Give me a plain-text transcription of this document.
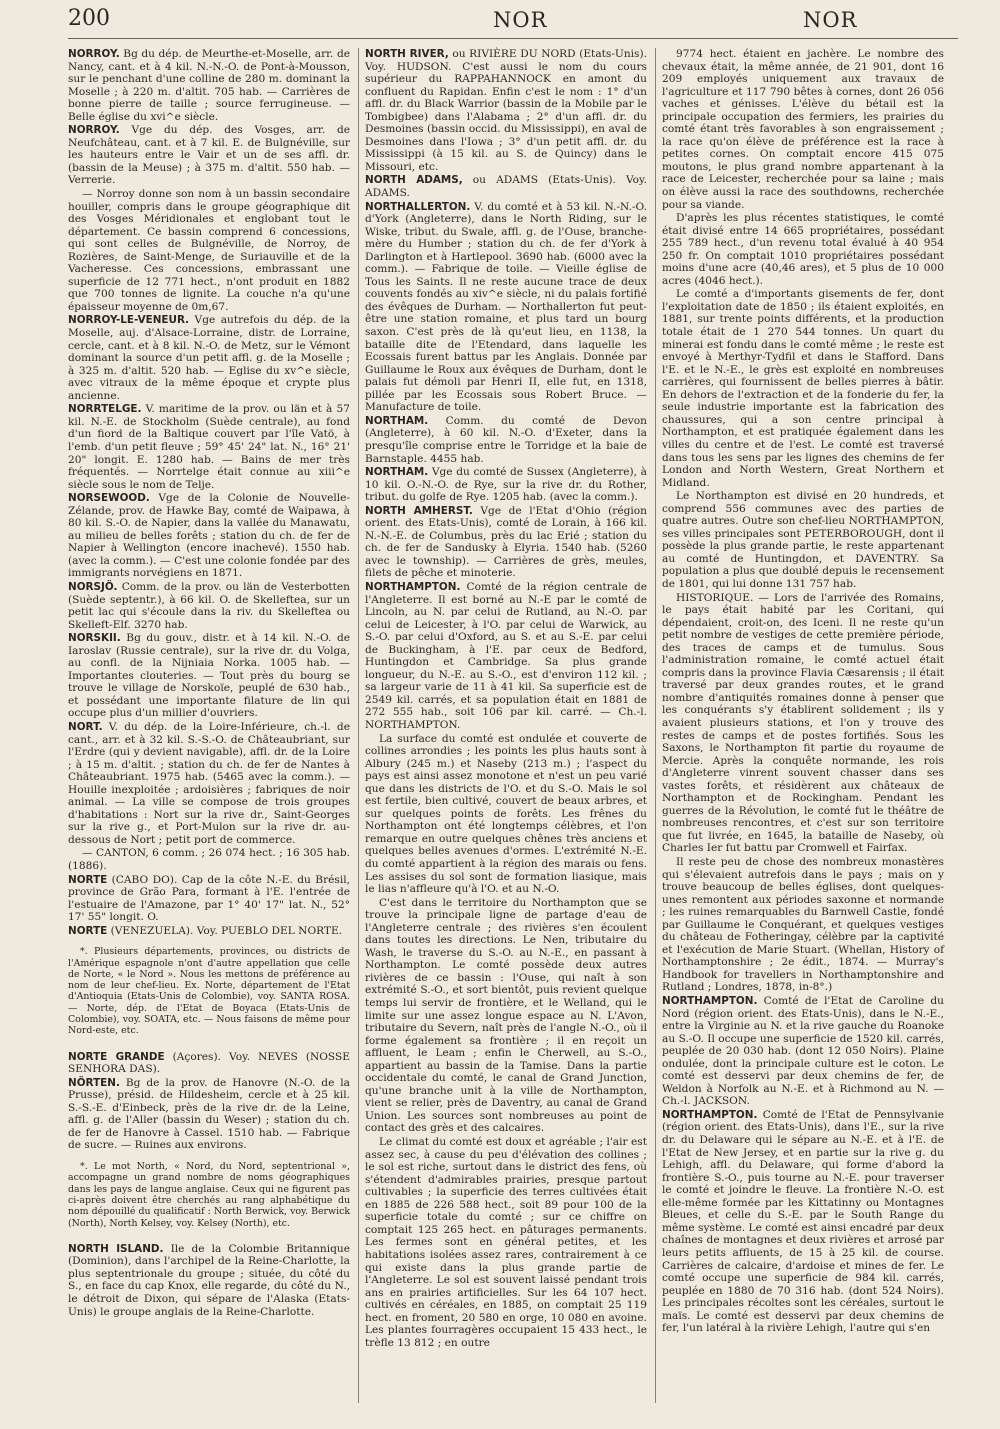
200	NOR	NOR

NORROY. Bg du dép. de Meurthe-et-Moselle, arr. de Nancy, cant. et à 4 kil. N.-N.-O. de Pont-à-Mousson, sur le penchant d'une colline de 280 m. dominant la Moselle ; à 220 m. d'altit. 705 hab. — Carrières de bonne pierre de taille ; source ferrugineuse. — Belle église du xvi^e siècle.

NORROY. Vge du dép. des Vosges, arr. de Neufchâteau, cant. et à 7 kil. E. de Bulgnéville, sur les hauteurs entre le Vair et un de ses affl. dr. (bassin de la Meuse) ; à 375 m. d'altit. 550 hab. — Verrerie.

— Norroy donne son nom à un bassin secondaire houiller, compris dans le groupe géographique dit des Vosges Méridionales et englobant tout le département. Ce bassin comprend 6 concessions, qui sont celles de Bulgnéville, de Norroy, de Rozières, de Saint-Menge, de Suriauville et de la Vacheresse. Ces concessions, embrassant une superficie de 12 771 hect., n'ont produit en 1882 que 700 tonnes de lignite. La couche n'a qu'une épaisseur moyenne de 0m,67.

NORROY-LE-VENEUR. Vge autrefois du dép. de la Moselle, auj. d'Alsace-Lorraine, distr. de Lorraine, cercle, cant. et à 8 kil. N.-O. de Metz, sur le Vémont dominant la source d'un petit affl. g. de la Moselle ; à 325 m. d'altit. 520 hab. — Eglise du xv^e siècle, avec vitraux de la même époque et crypte plus ancienne.

NORRTELGE. V. maritime de la prov. ou län et à 57 kil. N.-E. de Stockholm (Suède centrale), au fond d'un fiord de la Baltique couvert par l'île Vatö, à l'emb. d'un petit fleuve ; 59° 45' 24" lat. N., 16° 21' 20" longit. E. 1280 hab. — Bains de mer très fréquentés. — Norrtelge était connue au xiii^e siècle sous le nom de Telje.

NORSEWOOD. Vge de la Colonie de Nouvelle-Zélande, prov. de Hawke Bay, comté de Waipawa, à 80 kil. S.-O. de Napier, dans la vallée du Manawatu, au milieu de belles forêts ; station du ch. de fer de Napier à Wellington (encore inachevé). 1550 hab. (avec la comm.). — C'est une colonie fondée par des immigrants norvégiens en 1871.

NORSJÖ. Comm. de la prov. ou län de Vesterbotten (Suède septentr.), à 66 kil. O. de Skelleftea, sur un petit lac qui s'écoule dans la riv. du Skelleftea ou Skelleft-Elf. 3270 hab.

NORSKII. Bg du gouv., distr. et à 14 kil. N.-O. de Iaroslav (Russie centrale), sur la rive dr. du Volga, au confl. de la Nijniaia Norka. 1005 hab. — Importantes clouteries. — Tout près du bourg se trouve le village de Norskoïe, peuplé de 630 hab., et possédant une importante filature de lin qui occupe plus d'un millier d'ouvriers.

NORT. V. du dép. de la Loire-Inférieure, ch.-l. de cant., arr. et à 32 kil. S.-S.-O. de Châteaubriant, sur l'Erdre (qui y devient navigable), affl. dr. de la Loire ; à 15 m. d'altit. ; station du ch. de fer de Nantes à Châteaubriant. 1975 hab. (5465 avec la comm.). — Houille inexploitée ; ardoisières ; fabriques de noir animal. — La ville se compose de trois groupes d'habitations : Nort sur la rive dr., Saint-Georges sur la rive g., et Port-Mulon sur la rive dr. au-dessous de Nort ; petit port de commerce.

— CANTON, 6 comm. ; 26 074 hect. ; 16 305 hab. (1886).

NORTE (CABO DO). Cap de la côte N.-E. du Brésil, province de Grão Para, formant à l'E. l'entrée de l'estuaire de l'Amazone, par 1° 40' 17" lat. N., 52° 17' 55" longit. O.

NORTE (VENEZUELA). Voy. PUEBLO DEL NORTE.

*. Plusieurs départements, provinces, ou districts de l'Amérique espagnole n'ont d'autre appellation que celle de Norte, « le Nord ». Nous les mettons de préférence au nom de leur chef-lieu. Ex. Norte, département de l'Etat d'Antioquia (Etats-Unis de Colombie), voy. SANTA ROSA. — Norte, dép. de l'Etat de Boyaca (Etats-Unis de Colombie), voy. SOATA, etc. — Nous faisons de même pour Nord-este, etc.

NORTE GRANDE (Açores). Voy. NEVES (NOSSE SENHORA DAS).

NÖRTEN. Bg de la prov. de Hanovre (N.-O. de la Prusse), présid. de Hildesheim, cercle et à 25 kil. S.-S.-E. d'Einbeck, près de la rive dr. de la Leine, affl. g. de l'Aller (bassin du Weser) ; station du ch. de fer de Hanovre à Cassel. 1510 hab. — Fabrique de sucre. — Ruines aux environs.

*. Le mot North, « Nord, du Nord, septentrional », accompagne un grand nombre de noms géographiques dans les pays de langue anglaise. Ceux qui ne figurent pas ci-après doivent être cherchés au rang alphabétique du nom dépouillé du qualificatif : North Berwick, voy. Berwick (North), North Kelsey, voy. Kelsey (North), etc.

NORTH ISLAND. Ile de la Colombie Britannique (Dominion), dans l'archipel de la Reine-Charlotte, la plus septentrionale du groupe ; située, du côté du S., en face du cap Knox, elle regarde, du côté du N., le détroit de Dixon, qui sépare de l'Alaska (Etats-Unis) le groupe anglais de la Reine-Charlotte.

NORTH RIVER, ou RIVIÈRE DU NORD (Etats-Unis). Voy. HUDSON. C'est aussi le nom du cours supérieur du RAPPAHANNOCK en amont du confluent du Rapidan. Enfin c'est le nom : 1° d'un affl. dr. du Black Warrior (bassin de la Mobile par le Tombigbee) dans l'Alabama ; 2° d'un affl. dr. du Desmoines (bassin occid. du Mississippi), en aval de Desmoines dans l'Iowa ; 3° d'un petit affl. dr. du Mississippi (à 15 kil. au S. de Quincy) dans le Missouri, etc.

NORTH ADAMS, ou ADAMS (Etats-Unis). Voy. ADAMS.

NORTHALLERTON. V. du comté et à 53 kil. N.-N.-O. d'York (Angleterre), dans le North Riding, sur le Wiske, tribut. du Swale, affl. g. de l'Ouse, branche-mère du Humber ; station du ch. de fer d'York à Darlington et à Hartlepool. 3690 hab. (6000 avec la comm.). — Fabrique de toile. — Vieille église de Tous les Saints. Il ne reste aucune trace de deux couvents fondés au xiv^e siècle, ni du palais fortifié des évêques de Durham. — Northallerton fut peut-être une station romaine, et plus tard un bourg saxon. C'est près de là qu'eut lieu, en 1138, la bataille dite de l'Etendard, dans laquelle les Ecossais furent battus par les Anglais. Donnée par Guillaume le Roux aux évêques de Durham, dont le palais fut démoli par Henri II, elle fut, en 1318, pillée par les Ecossais sous Robert Bruce. — Manufacture de toile.

NORTHAM. Comm. du comté de Devon (Angleterre), à 60 kil. N.-O. d'Exeter, dans la presqu'île comprise entre le Torridge et la baie de Barnstaple. 4455 hab.

NORTHAM. Vge du comté de Sussex (Angleterre), à 10 kil. O.-N.-O. de Rye, sur la rive dr. du Rother, tribut. du golfe de Rye. 1205 hab. (avec la comm.).

NORTH AMHERST. Vge de l'Etat d'Ohio (région orient. des Etats-Unis), comté de Lorain, à 166 kil. N.-N.-E. de Columbus, près du lac Erié ; station du ch. de fer de Sandusky à Elyria. 1540 hab. (5260 avec le township). — Carrières de grès, meules, filets de pêche et minoterie.

NORTHAMPTON. Comté de la région centrale de l'Angleterre. Il est borné au N.-E par le comté de Lincoln, au N. par celui de Rutland, au N.-O. par celui de Leicester, à l'O. par celui de Warwick, au S.-O. par celui d'Oxford, au S. et au S.-E. par celui de Buckingham, à l'E. par ceux de Bedford, Huntingdon et Cambridge. Sa plus grande longueur, du N.-E. au S.-O., est d'environ 112 kil. ; sa largeur varie de 11 à 41 kil. Sa superficie est de 2549 kil. carrés, et sa population était en 1881 de 272 555 hab., soit 106 par kil. carré. — Ch.-l. NORTHAMPTON.

La surface du comté est ondulée et couverte de collines arrondies ; les points les plus hauts sont à Albury (245 m.) et Naseby (213 m.) ; l'aspect du pays est ainsi assez monotone et n'est un peu varié que dans les districts de l'O. et du S.-O. Mais le sol est fertile, bien cultivé, couvert de beaux arbres, et sur quelques points de forêts. Les frênes du Northampton ont été longtemps célèbres, et l'on remarque en outre quelques chênes très anciens et quelques belles avenues d'ormes. L'extrémité N.-E. du comté appartient à la région des marais ou fens. Les assises du sol sont de formation liasique, mais le lias n'affleure qu'à l'O. et au N.-O.

C'est dans le territoire du Northampton que se trouve la principale ligne de partage d'eau de l'Angleterre centrale ; des rivières s'en écoulent dans toutes les directions. Le Nen, tributaire du Wash, le traverse du S.-O. au N.-E., en passant à Northampton. Le comté possède deux autres rivières de ce bassin : l'Ouse, qui naît à son extrémité S.-O., et sort bientôt, puis revient quelque temps lui servir de frontière, et le Welland, qui le limite sur une assez longue espace au N. L'Avon, tributaire du Severn, naît près de l'angle N.-O., où il forme également sa frontière ; il en reçoit un affluent, le Leam ; enfin le Cherwell, au S.-O., appartient au bassin de la Tamise. Dans la partie occidentale du comté, le canal de Grand Junction, qu'une branche unit à la ville de Northampton, vient se relier, près de Daventry, au canal de Grand Union. Les sources sont nombreuses au point de contact des grès et des calcaires.

Le climat du comté est doux et agréable ; l'air est assez sec, à cause du peu d'élévation des collines ; le sol est riche, surtout dans le district des fens, où s'étendent d'admirables prairies, presque partout cultivables ; la superficie des terres cultivées était en 1885 de 226 588 hect., soit 89 pour 100 de la superficie totale du comté ; sur ce chiffre on comptait 125 265 hect. en pâturages permanents. Les fermes sont en général petites, et les habitations isolées assez rares, contrairement à ce qui existe dans la plus grande partie de l'Angleterre. Le sol est souvent laissé pendant trois ans en prairies artificielles. Sur les 64 107 hect. cultivés en céréales, en 1885, on comptait 25 119 hect. en froment, 20 580 en orge, 10 080 en avoine. Les plantes fourragères occupaient 15 433 hect., le trèfle 13 812 ; en outre

9774 hect. étaient en jachère. Le nombre des chevaux était, la même année, de 21 901, dont 16 209 employés uniquement aux travaux de l'agriculture et 117 790 bêtes à cornes, dont 26 056 vaches et génisses. L'élève du bétail est la principale occupation des fermiers, les prairies du comté étant très favorables à son engraissement ; la race qu'on élève de préférence est la race à petites cornes. On comptait encore 415 075 moutons, le plus grand nombre appartenant à la race de Leicester, recherchée pour sa laine ; mais on élève aussi la race des southdowns, recherchée pour sa viande.

D'après les plus récentes statistiques, le comté était divisé entre 14 665 propriétaires, possédant 255 789 hect., d'un revenu total évalué à 40 954 250 fr. On comptait 1010 propriétaires possédant moins d'une acre (40,46 ares), et 5 plus de 10 000 acres (4046 hect.).

Le comté a d'importants gisements de fer, dont l'exploitation date de 1850 ; ils étaient exploités, en 1881, sur trente points différents, et la production totale était de 1 270 544 tonnes. Un quart du minerai est fondu dans le comté même ; le reste est envoyé à Merthyr-Tydfil et dans le Stafford. Dans l'E. et le N.-E., le grès est exploité en nombreuses carrières, qui fournissent de belles pierres à bâtir. En dehors de l'extraction et de la fonderie du fer, la seule industrie importante est la fabrication des chaussures, qui a son centre principal à Northampton, et est pratiquée également dans les villes du centre et de l'est. Le comté est traversé dans tous les sens par les lignes des chemins de fer London and North Western, Great Northern et Midland.

Le Northampton est divisé en 20 hundreds, et comprend 556 communes avec des parties de quatre autres. Outre son chef-lieu NORTHAMPTON, ses villes principales sont PETERBOROUGH, dont il possède la plus grande partie, le reste appartenant au comté de Huntingdon, et DAVENTRY. Sa population a plus que doublé depuis le recensement de 1801, qui lui donne 131 757 hab.

HISTORIQUE. — Lors de l'arrivée des Romains, le pays était habité par les Coritani, qui dépendaient, croit-on, des Iceni. Il ne reste qu'un petit nombre de vestiges de cette première période, des traces de camps et de tumulus. Sous l'administration romaine, le comté actuel était compris dans la province Flavia Cæsarensis ; il était traversé par deux grandes routes, et le grand nombre d'antiquités romaines donne à penser que les conquérants s'y établirent solidement ; ils y avaient plusieurs stations, et l'on y trouve des restes de camps et de postes fortifiés. Sous les Saxons, le Northampton fit partie du royaume de Mercie. Après la conquête normande, les rois d'Angleterre vinrent souvent chasser dans ses vastes forêts, et résidèrent aux châteaux de Northampton et de Rockingham. Pendant les guerres de la Révolution, le comté fut le théâtre de nombreuses rencontres, et c'est sur son territoire que fut livrée, en 1645, la bataille de Naseby, où Charles Ier fut battu par Cromwell et Fairfax.

Il reste peu de chose des nombreux monastères qui s'élevaient autrefois dans le pays ; mais on y trouve beaucoup de belles églises, dont quelques-unes remontent aux périodes saxonne et normande ; les ruines remarquables du Barnwell Castle, fondé par Guillaume le Conquérant, et quelques vestiges du château de Fotheringay, célèbre par la captivité et l'exécution de Marie Stuart. (Whellan, History of Northamptonshire ; 2e édit., 1874. — Murray's Handbook for travellers in Northamptonshire and Rutland ; Londres, 1878, in-8°.)

NORTHAMPTON. Comté de l'Etat de Caroline du Nord (région orient. des Etats-Unis), dans le N.-E., entre la Virginie au N. et la rive gauche du Roanoke au S.-O. Il occupe une superficie de 1520 kil. carrés, peuplée de 20 030 hab. (dont 12 050 Noirs). Plaine ondulée, dont la principale culture est le coton. Le comté est desservi par deux chemins de fer, de Weldon à Norfolk au N.-E. et à Richmond au N. — Ch.-l. JACKSON.

NORTHAMPTON. Comté de l'Etat de Pennsylvanie (région orient. des Etats-Unis), dans l'E., sur la rive dr. du Delaware qui le sépare au N.-E. et à l'E. de l'Etat de New Jersey, et en partie sur la rive g. du Lehigh, affl. du Delaware, qui forme d'abord la frontière S.-O., puis tourne au N.-E. pour traverser le comté et joindre le fleuve. La frontière N.-O. est elle-même formée par les Kittatinny ou Montagnes Bleues, et celle du S.-E. par le South Range du même système. Le comté est ainsi encadré par deux chaînes de montagnes et deux rivières et arrosé par leurs petits affluents, de 15 à 25 kil. de course. Carrières de calcaire, d'ardoise et mines de fer. Le comté occupe une superficie de 984 kil. carrés, peuplée en 1880 de 70 316 hab. (dont 524 Noirs). Les principales récoltes sont les céréales, surtout le maïs. Le comté est desservi par deux chemins de fer, l'un latéral à la rivière Lehigh, l'autre qui s'en
